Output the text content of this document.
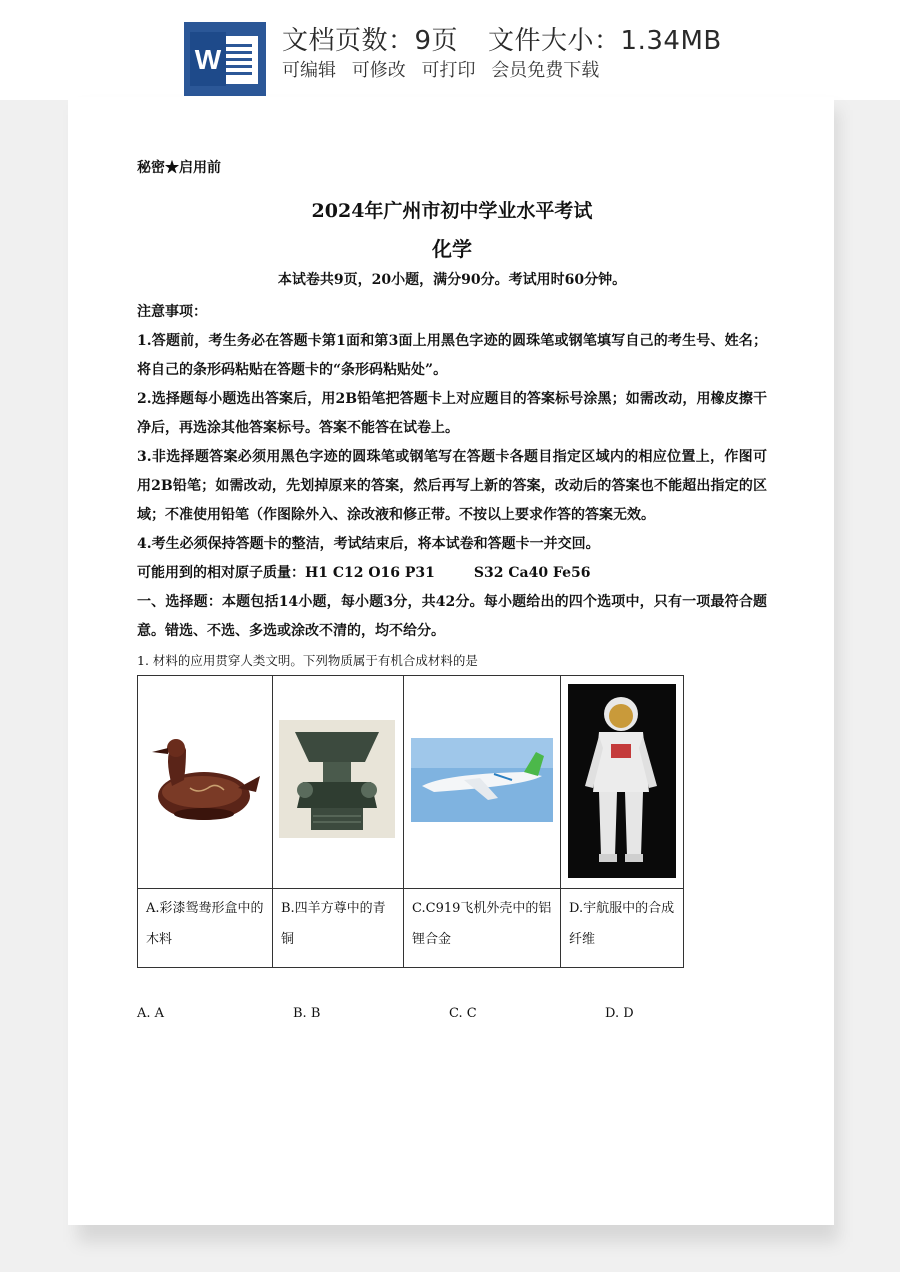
W
文档页数：9页 文件大小：1.34MB
可编辑 可修改 可打印 会员免费下载
秘密★启用前
2024年广州市初中学业水平考试
化学
本试卷共9页，20小题，满分90分。考试用时60分钟。
注意事项：
1.答题前，考生务必在答题卡第1面和第3面上用黑色字迹的圆珠笔或钢笔填写自己的考生号、姓名；将自己的条形码粘贴在答题卡的“条形码粘贴处”。
2.选择题每小题选出答案后，用2B铅笔把答题卡上对应题目的答案标号涂黑；如需改动，用橡皮擦干净后，再选涂其他答案标号。答案不能答在试卷上。
3.非选择题答案必须用黑色字迹的圆珠笔或钢笔写在答题卡各题目指定区域内的相应位置上，作图可用2B铅笔；如需改动，先划掉原来的答案，然后再写上新的答案，改动后的答案也不能超出指定的区域；不准使用铅笔（作图除外入、涂改液和修正带。不按以上要求作答的答案无效。
4.考生必须保持答题卡的整洁，考试结束后，将本试卷和答题卡一并交回。
可能用到的相对原子质量：H1 C12 O16 P31        S32 Ca40 Fe56
一、选择题：本题包括14小题，每小题3分，共42分。每小题给出的四个选项中，只有一项最符合题意。错选、不选、多选或涂改不清的，均不给分。
1. 材料的应用贯穿人类文明。下列物质属于有机合成材料的是

A.彩漆鸳鸯形盒中的木料	B.四羊方尊中的青铜	C.C919飞机外壳中的铝锂合金	D.宇航服中的合成纤维
A. A	B. B	C. C	D. D
